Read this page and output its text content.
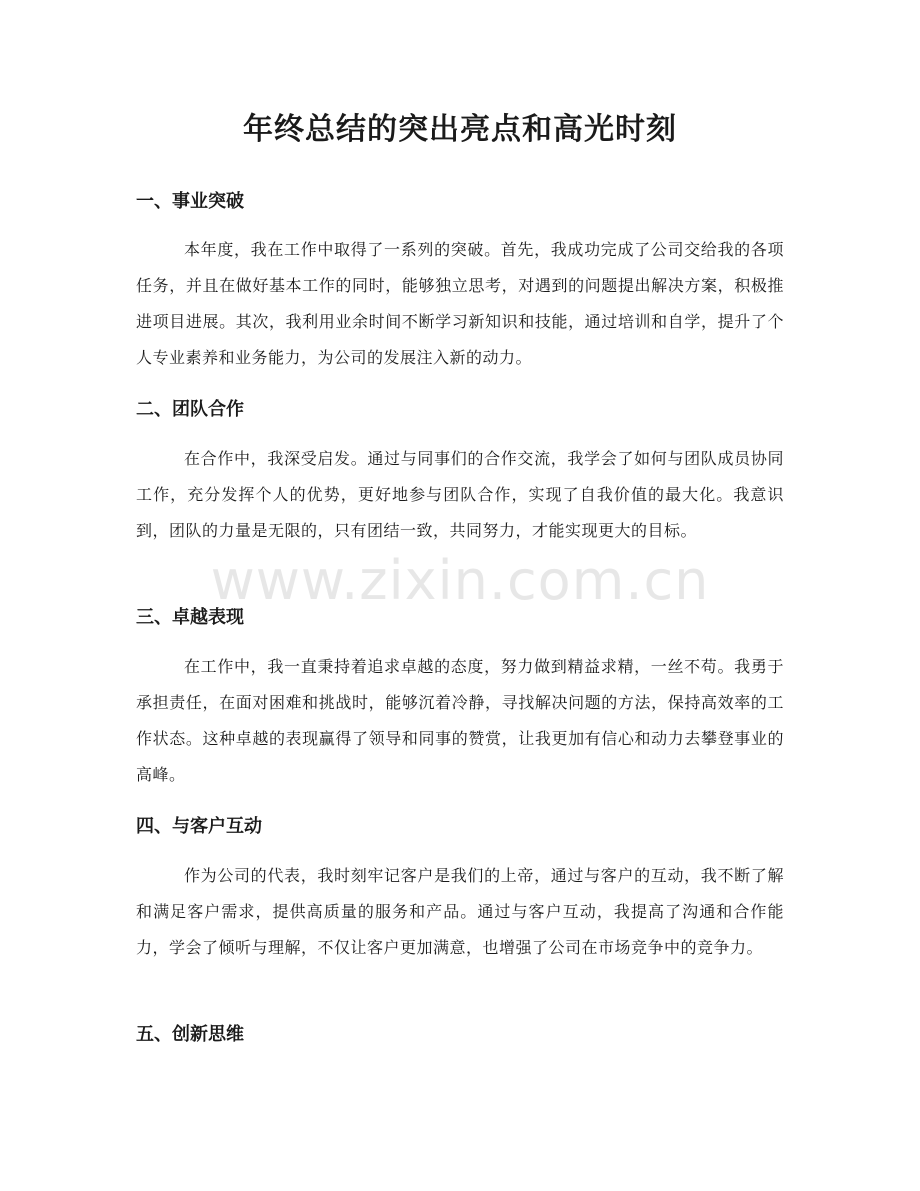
年终总结的突出亮点和高光时刻
一、事业突破

本年度，我在工作中取得了一系列的突破。首先，我成功完成了公司交给我的各项任务，并且在做好基本工作的同时，能够独立思考，对遇到的问题提出解决方案，积极推进项目进展。其次，我利用业余时间不断学习新知识和技能，通过培训和自学，提升了个人专业素养和业务能力，为公司的发展注入新的动力。

二、团队合作

在合作中，我深受启发。通过与同事们的合作交流，我学会了如何与团队成员协同工作，充分发挥个人的优势，更好地参与团队合作，实现了自我价值的最大化。我意识到，团队的力量是无限的，只有团结一致，共同努力，才能实现更大的目标。

三、卓越表现

在工作中，我一直秉持着追求卓越的态度，努力做到精益求精，一丝不苟。我勇于承担责任，在面对困难和挑战时，能够沉着冷静，寻找解决问题的方法，保持高效率的工作状态。这种卓越的表现赢得了领导和同事的赞赏，让我更加有信心和动力去攀登事业的高峰。

四、与客户互动

作为公司的代表，我时刻牢记客户是我们的上帝，通过与客户的互动，我不断了解和满足客户需求，提供高质量的服务和产品。通过与客户互动，我提高了沟通和合作能力，学会了倾听与理解，不仅让客户更加满意，也增强了公司在市场竞争中的竞争力。

五、创新思维
www.zixin.com.cn
